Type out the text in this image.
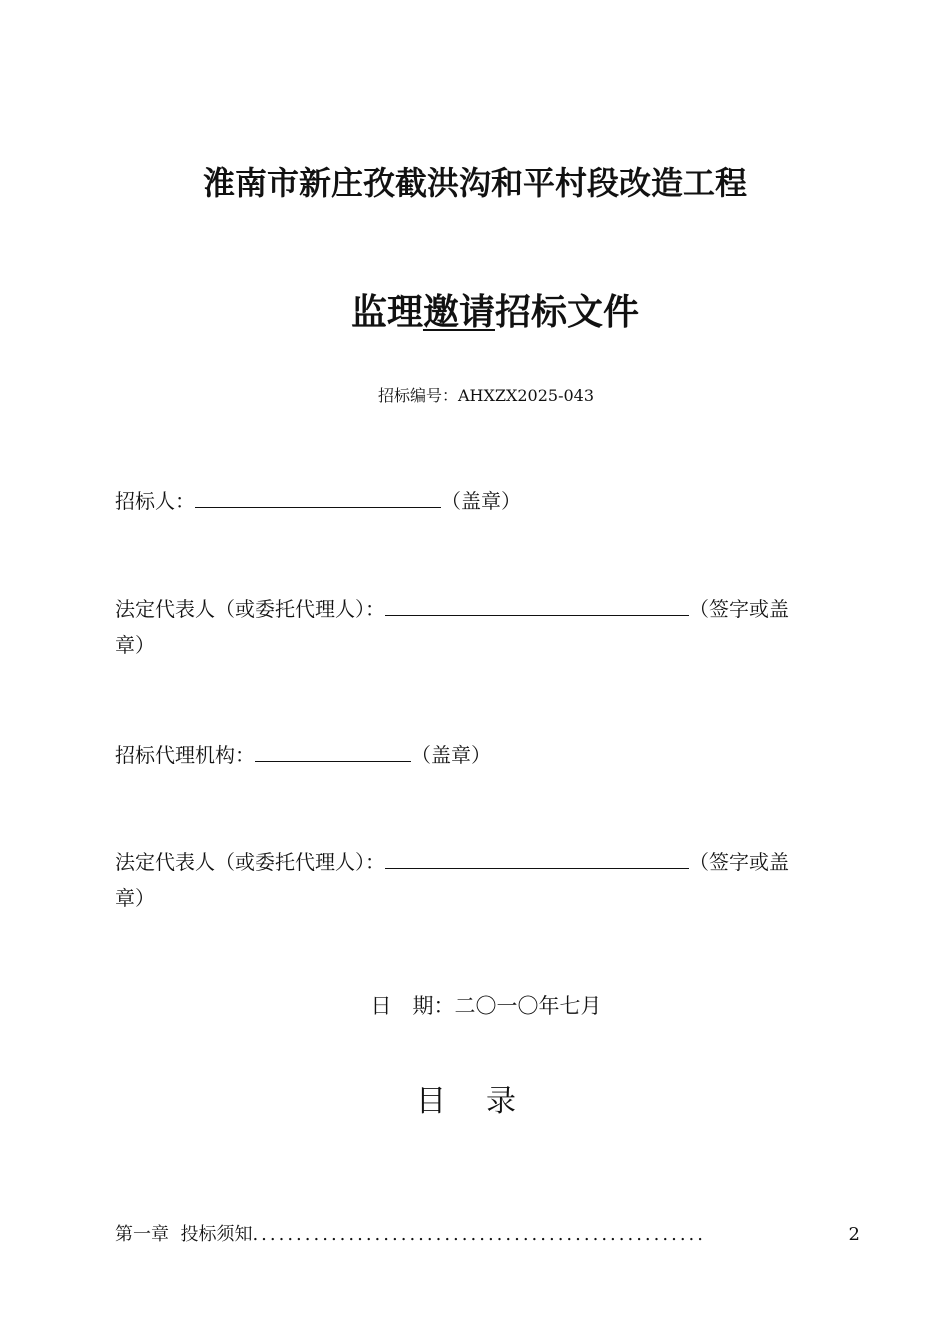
淮南市新庄孜截洪沟和平村段改造工程
监理邀请招标文件
招标编号：AHXZX2025-043
招标人：	（盖章）
法定代表人（或委托代理人）：	（签字或盖
章）
招标代理机构：	（盖章）
法定代表人（或委托代理人）：	（签字或盖
章）
日　期：二〇一〇年七月
目录
第一章  投标须知 ....................................................	2
